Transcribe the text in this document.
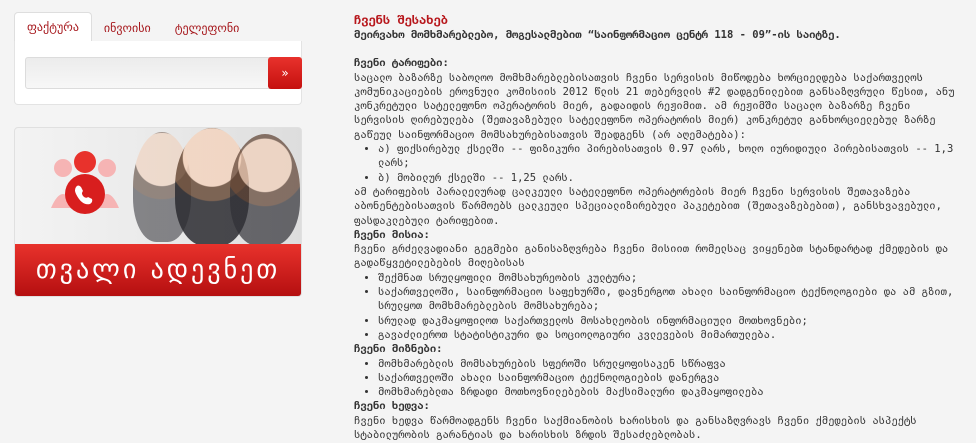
ფაქტურა	ინვოისი	ტელეფონი
»
თვალი ადევნეთ

ჩვენს შესახებ

მეირვახო მომხმარებლებო, მოგესალმებით “საინფორმაციო ცენტრ 118 - 09”-ის საიტზე.

ჩვენი ტარიფები:

საცალო ბაზარზე საბოლოო მომხმარებლებისათვის ჩვენი სერვისის მიწოდება ხორციელდება საქართველოს კომუნიკაციების ეროვნული კომისიის 2012 წლის 21 თებერვლის #2 დადგენილებით განსაზღვრული წესით, ანუ კონკრეტული სატელეფონო ოპერატორის მიერ, გადაიდის რეჟიმით. ამ რეჟიმში საცალო ბაზარზე ჩვენი სერვისის ღირებულება (შეთავაზებული სატელეფონო ოპერატორის მიერ) კონკრეტულ განხორციელებულ ზარზე გაწეულ საინფორმაციო მომსახურებისათვის შეადგენს (არ აღემატება):

• ა) ფიქსირებულ ქსელში -- ფიზიკური პირებისათვის 0.97 ლარს, ხოლო იურიდიული პირებისათვის -- 1,3 ლარს;
• ბ) მობილურ ქსელში -- 1,25 ლარს.

ამ ტარიფების პარალელურად ცალკეული სატელეფონო ოპერატორების მიერ ჩვენი სერვისის შეთავაზება აბონენტებისათვის წარმოებს ცალკეული სპეციალიზირებული პაკეტებით (შეთავაზებებით), განსხვავებული, ფასდაკლებული ტარიფებით.

ჩვენი მისია:

ჩვენი გრძელვადიანი გეგმები განისაზღვრება ჩვენი მისიით რომელსაც ვიყენებთ სტანდარტად ქმედების და გადაწყვეტილებების მიღებისას

• შექმნათ სრულყოფილი მომსახურეობის კულტურა;
• საქართველოში, საინფორმაციო საფეხურში, დავნერგოთ ახალი საინფორმაციო ტექნოლოგიები და ამ გზით, სრულყოთ მომხმარებლების მომსახურება;
• სრულად დაკმაყოფილოთ საქართველოს მოსახლეობის ინფორმაციული მოთხოვნები;
• გავაძლიეროთ სტატისტიკური და სოციოლოგიური კვლევების მიმართულება.

ჩვენი მიზნები:

• მომხმარებლის მომსახურების სფეროში სრულყოფისაკენ სწრაფვა
• საქართველოში ახალი საინფორმაციო ტექნოლოგიების დანერგვა
• მომხმარებლთა ზრდადი მოთხოვნილებების მაქსიმალური დაკმაყოფილება

ჩვენი ხედვა:

ჩვენი ხედვა წარმოადგენს ჩვენი საქმიანობის ხარისხის და განსაზღვრავს ჩვენი ქმედების ასპექტს სტაბილურობის გარანტიას და ხარისხის ზრდის შესაძლებლობას.
